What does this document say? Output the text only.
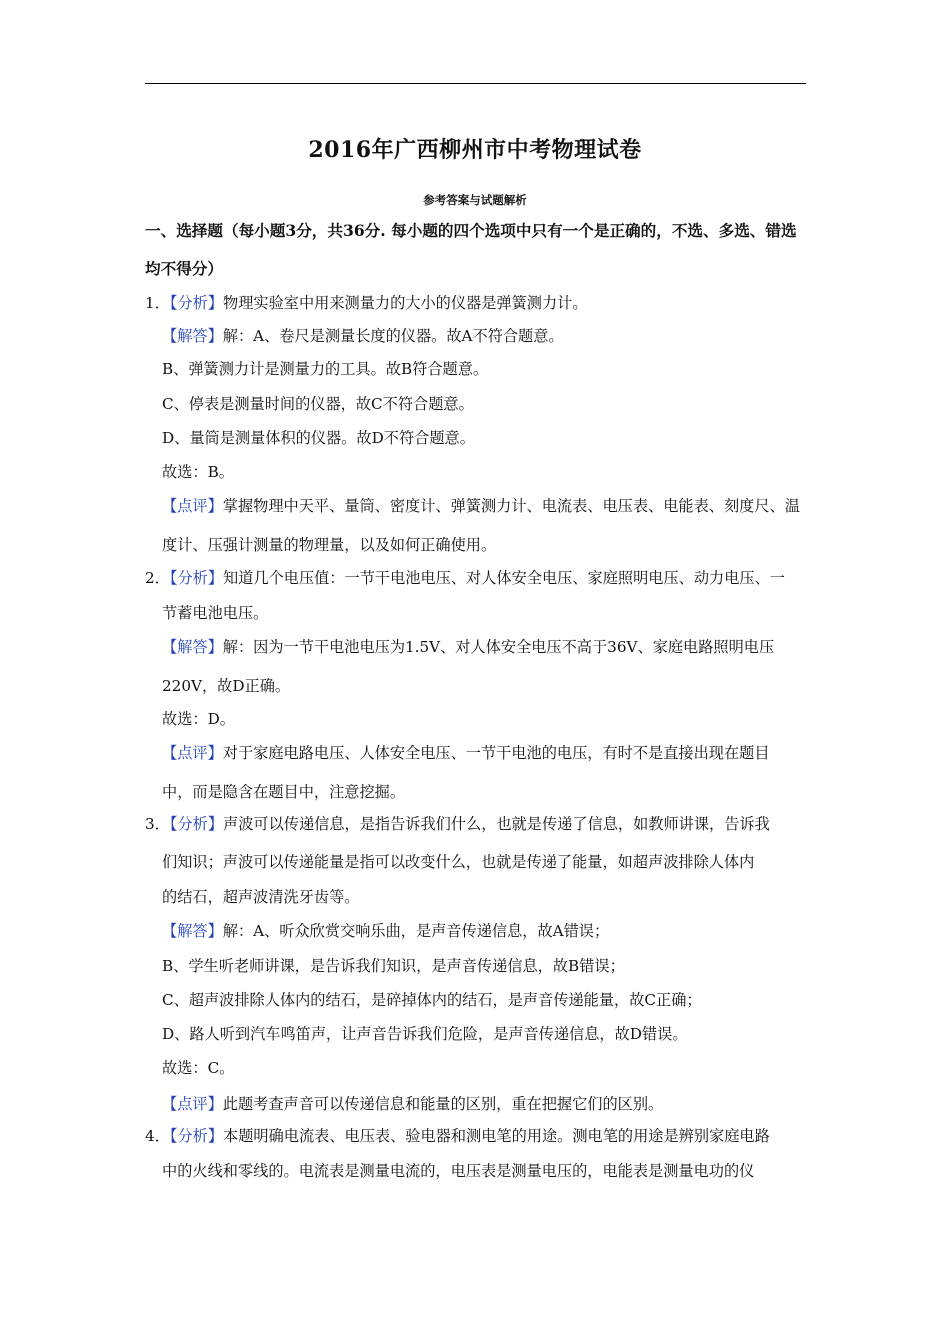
2016年广西柳州市中考物理试卷
参考答案与试题解析
一、选择题（每小题3分，共36分. 每小题的四个选项中只有一个是正确的，不选、多选、错选
均不得分）
1．【分析】物理实验室中用来测量力的大小的仪器是弹簧测力计。
【解答】解：A、卷尺是测量长度的仪器。故A不符合题意。
B、弹簧测力计是测量力的工具。故B符合题意。
C、停表是测量时间的仪器，故C不符合题意。
D、量筒是测量体积的仪器。故D不符合题意。
故选：B。
【点评】掌握物理中天平、量筒、密度计、弹簧测力计、电流表、电压表、电能表、刻度尺、温
度计、压强计测量的物理量，以及如何正确使用。
2．【分析】知道几个电压值：一节干电池电压、对人体安全电压、家庭照明电压、动力电压、一
节蓄电池电压。
【解答】解：因为一节干电池电压为1.5V、对人体安全电压不高于36V、家庭电路照明电压
220V，故D正确。
故选：D。
【点评】对于家庭电路电压、人体安全电压、一节干电池的电压，有时不是直接出现在题目
中，而是隐含在题目中，注意挖掘。
3．【分析】声波可以传递信息，是指告诉我们什么，也就是传递了信息，如教师讲课，告诉我
们知识；声波可以传递能量是指可以改变什么，也就是传递了能量，如超声波排除人体内
的结石，超声波清洗牙齿等。
【解答】解：A、听众欣赏交响乐曲，是声音传递信息，故A错误；
B、学生听老师讲课，是告诉我们知识，是声音传递信息，故B错误；
C、超声波排除人体内的结石，是碎掉体内的结石，是声音传递能量，故C正确；
D、路人听到汽车鸣笛声，让声音告诉我们危险，是声音传递信息，故D错误。
故选：C。
【点评】此题考查声音可以传递信息和能量的区别，重在把握它们的区别。
4．【分析】本题明确电流表、电压表、验电器和测电笔的用途。测电笔的用途是辨别家庭电路
中的火线和零线的。电流表是测量电流的，电压表是测量电压的，电能表是测量电功的仪
